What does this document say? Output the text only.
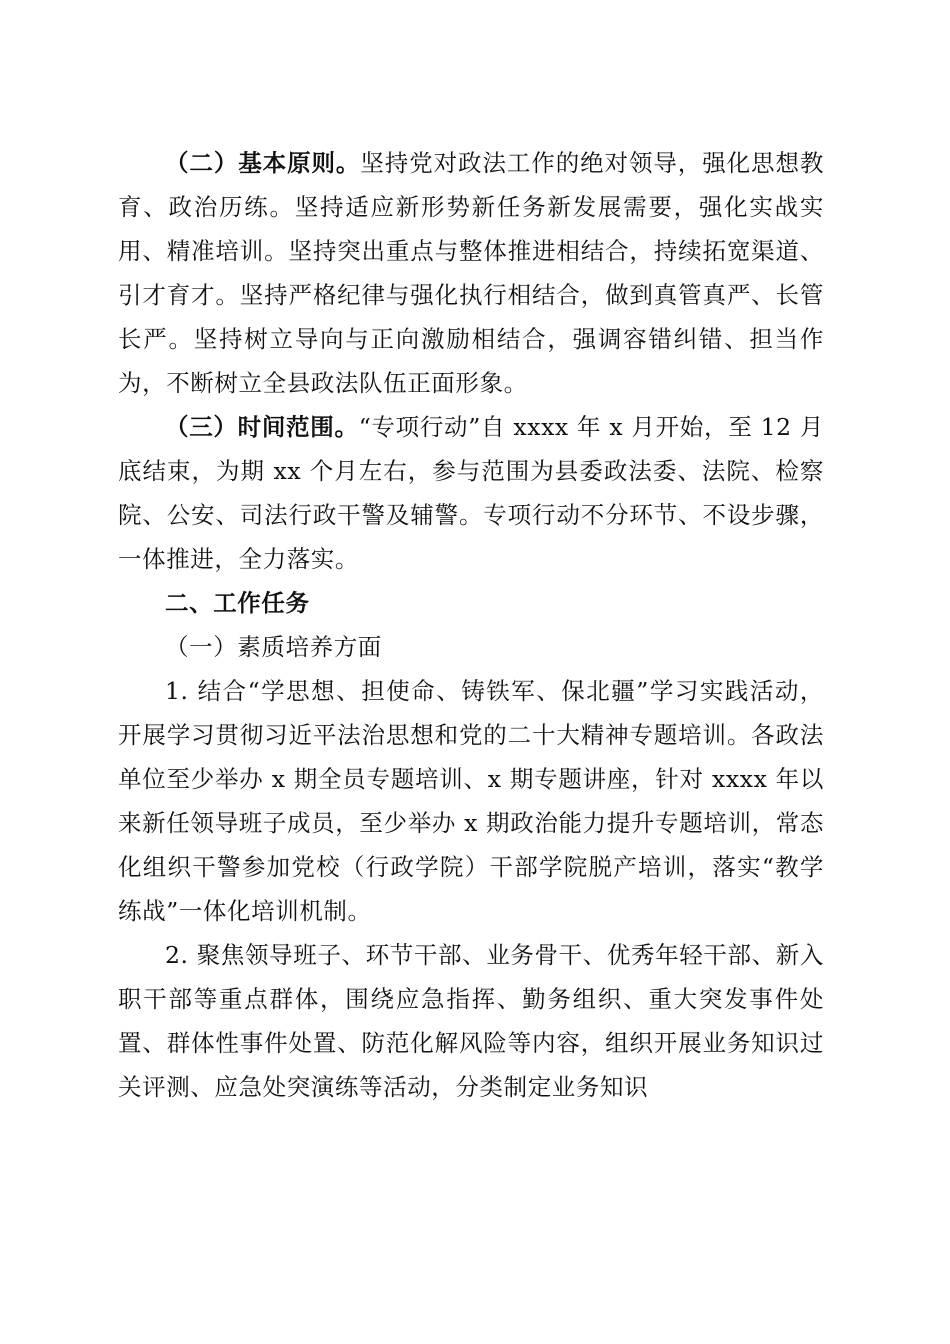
（二）基本原则。坚持党对政法工作的绝对领导，强化思想教育、政治历练。坚持适应新形势新任务新发展需要，强化实战实用、精准培训。坚持突出重点与整体推进相结合，持续拓宽渠道、引才育才。坚持严格纪律与强化执行相结合，做到真管真严、长管长严。坚持树立导向与正向激励相结合，强调容错纠错、担当作为，不断树立全县政法队伍正面形象。

（三）时间范围。“专项行动”自 xxxx 年 x 月开始，至 12 月底结束，为期 xx 个月左右，参与范围为县委政法委、法院、检察院、公安、司法行政干警及辅警。专项行动不分环节、不设步骤，一体推进，全力落实。

二、工作任务

（一）素质培养方面

1. 结合“学思想、担使命、铸铁军、保北疆”学习实践活动，开展学习贯彻习近平法治思想和党的二十大精神专题培训。各政法单位至少举办 x 期全员专题培训、x 期专题讲座，针对 xxxx 年以来新任领导班子成员，至少举办 x 期政治能力提升专题培训，常态化组织干警参加党校（行政学院）干部学院脱产培训，落实“教学练战”一体化培训机制。

2. 聚焦领导班子、环节干部、业务骨干、优秀年轻干部、新入职干部等重点群体，围绕应急指挥、勤务组织、重大突发事件处置、群体性事件处置、防范化解风险等内容，组织开展业务知识过关评测、应急处突演练等活动，分类制定业务知识
